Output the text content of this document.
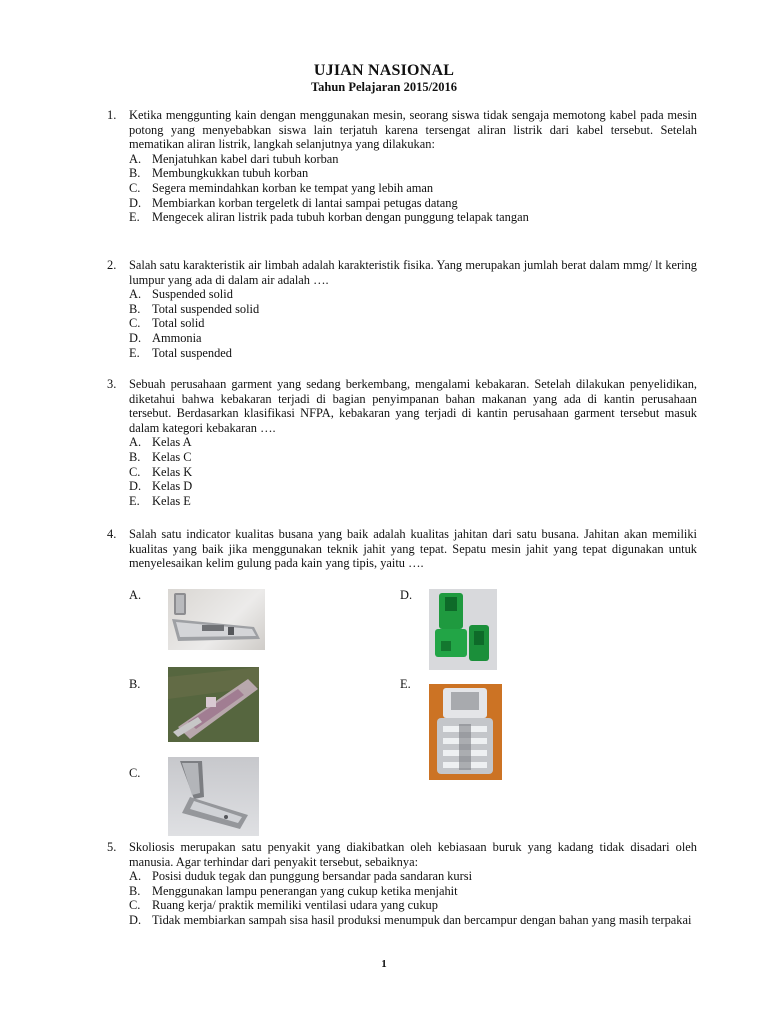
UJIAN NASIONAL
Tahun Pelajaran 2015/2016
1.	Ketika menggunting kain dengan menggunakan mesin, seorang siswa tidak sengaja memotong kabel pada mesin potong yang menyebabkan siswa lain terjatuh karena tersengat aliran listrik dari kabel tersebut. Setelah mematikan aliran listrik, langkah selanjutnya yang dilakukan:
A. Menjatuhkan kabel dari tubuh korban
B. Membungkukkan tubuh korban
C. Segera memindahkan korban ke tempat yang lebih aman
D. Membiarkan korban tergeletk di lantai sampai petugas datang
E. Mengecek aliran listrik pada tubuh korban dengan punggung telapak tangan
2.	Salah satu karakteristik air limbah adalah karakteristik fisika. Yang merupakan jumlah berat dalam mmg/ lt kering lumpur yang ada di dalam air adalah ….
A. Suspended solid
B. Total suspended solid
C. Total solid
D. Ammonia
E. Total suspended
3.	Sebuah perusahaan garment yang sedang berkembang, mengalami kebakaran. Setelah dilakukan penyelidikan, diketahui bahwa kebakaran terjadi di bagian penyimpanan bahan makanan yang ada di kantin perusahaan tersebut. Berdasarkan klasifikasi NFPA, kebakaran yang terjadi di kantin perusahaan garment tersebut masuk dalam kategori kebakaran ….
A. Kelas A
B. Kelas C
C. Kelas K
D. Kelas D
E. Kelas E
4.	Salah satu indicator kualitas busana yang baik adalah kualitas jahitan dari satu busana. Jahitan akan memiliki kualitas yang baik jika menggunakan teknik jahit yang tepat. Sepatu mesin jahit yang tepat digunakan untuk menyelesaikan kelim gulung pada kain yang tipis, yaitu ….
A.
B.
C.
D.
E.
5.	Skoliosis merupakan satu penyakit yang diakibatkan oleh kebiasaan buruk yang kadang tidak disadari oleh manusia. Agar terhindar dari penyakit tersebut, sebaiknya:
A. Posisi duduk tegak dan punggung bersandar pada sandaran kursi
B. Menggunakan lampu penerangan yang cukup ketika menjahit
C. Ruang kerja/ praktik memiliki ventilasi udara yang cukup
D. Tidak membiarkan sampah sisa hasil produksi menumpuk dan bercampur dengan bahan yang masih terpakai
1
